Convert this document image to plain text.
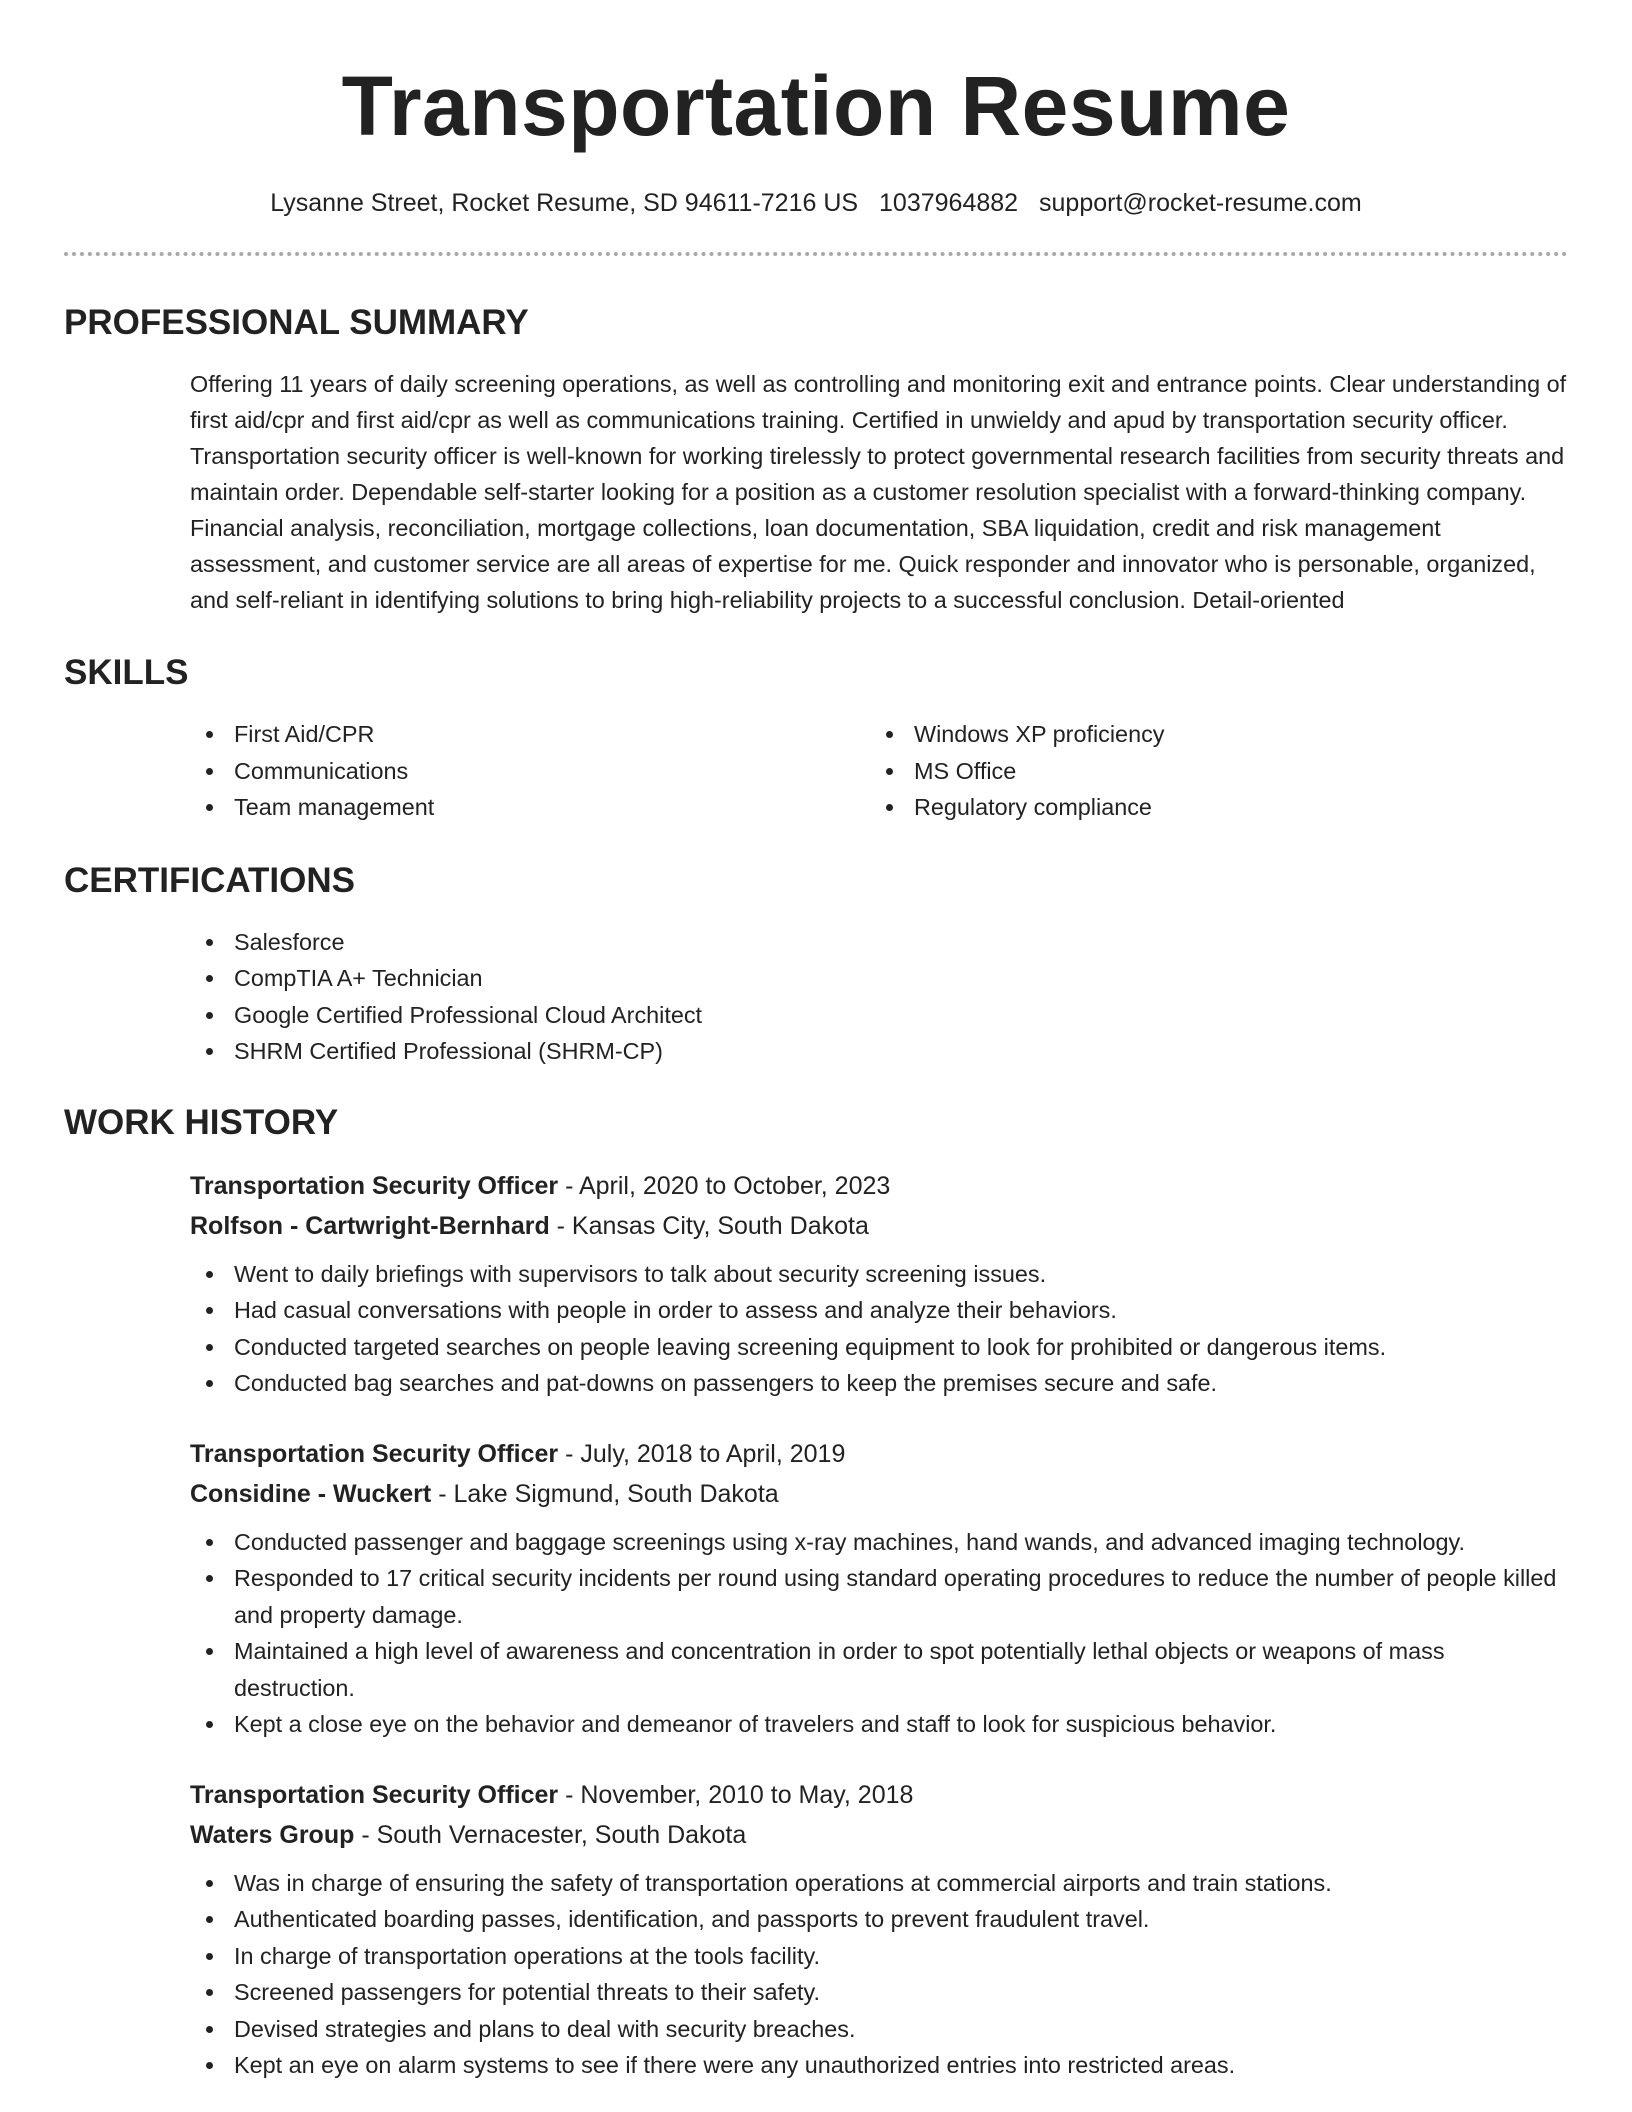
Transportation Resume
Lysanne Street, Rocket Resume, SD 94611-7216 US 1037964882 support@rocket-resume.com
PROFESSIONAL SUMMARY

Offering 11 years of daily screening operations, as well as controlling and monitoring exit and entrance points. Clear understanding of first aid/cpr and first aid/cpr as well as communications training. Certified in unwieldy and apud by transportation security officer. Transportation security officer is well-known for working tirelessly to protect governmental research facilities from security threats and maintain order. Dependable self-starter looking for a position as a customer resolution specialist with a forward-thinking company. Financial analysis, reconciliation, mortgage collections, loan documentation, SBA liquidation, credit and risk management assessment, and customer service are all areas of expertise for me. Quick responder and innovator who is personable, organized, and self-reliant in identifying solutions to bring high-reliability projects to a successful conclusion. Detail-oriented

SKILLS
First Aid/CPR
Communications
Team management
Windows XP proficiency
MS Office
Regulatory compliance
CERTIFICATIONS
Salesforce
CompTIA A+ Technician
Google Certified Professional Cloud Architect
SHRM Certified Professional (SHRM-CP)
WORK HISTORY
Transportation Security Officer - April, 2020 to October, 2023
Rolfson - Cartwright-Bernhard - Kansas City, South Dakota
Went to daily briefings with supervisors to talk about security screening issues.
Had casual conversations with people in order to assess and analyze their behaviors.
Conducted targeted searches on people leaving screening equipment to look for prohibited or dangerous items.
Conducted bag searches and pat-downs on passengers to keep the premises secure and safe.
Transportation Security Officer - July, 2018 to April, 2019
Considine - Wuckert - Lake Sigmund, South Dakota
Conducted passenger and baggage screenings using x-ray machines, hand wands, and advanced imaging technology.
Responded to 17 critical security incidents per round using standard operating procedures to reduce the number of people killed and property damage.
Maintained a high level of awareness and concentration in order to spot potentially lethal objects or weapons of mass destruction.
Kept a close eye on the behavior and demeanor of travelers and staff to look for suspicious behavior.
Transportation Security Officer - November, 2010 to May, 2018
Waters Group - South Vernacester, South Dakota
Was in charge of ensuring the safety of transportation operations at commercial airports and train stations.
Authenticated boarding passes, identification, and passports to prevent fraudulent travel.
In charge of transportation operations at the tools facility.
Screened passengers for potential threats to their safety.
Devised strategies and plans to deal with security breaches.
Kept an eye on alarm systems to see if there were any unauthorized entries into restricted areas.
